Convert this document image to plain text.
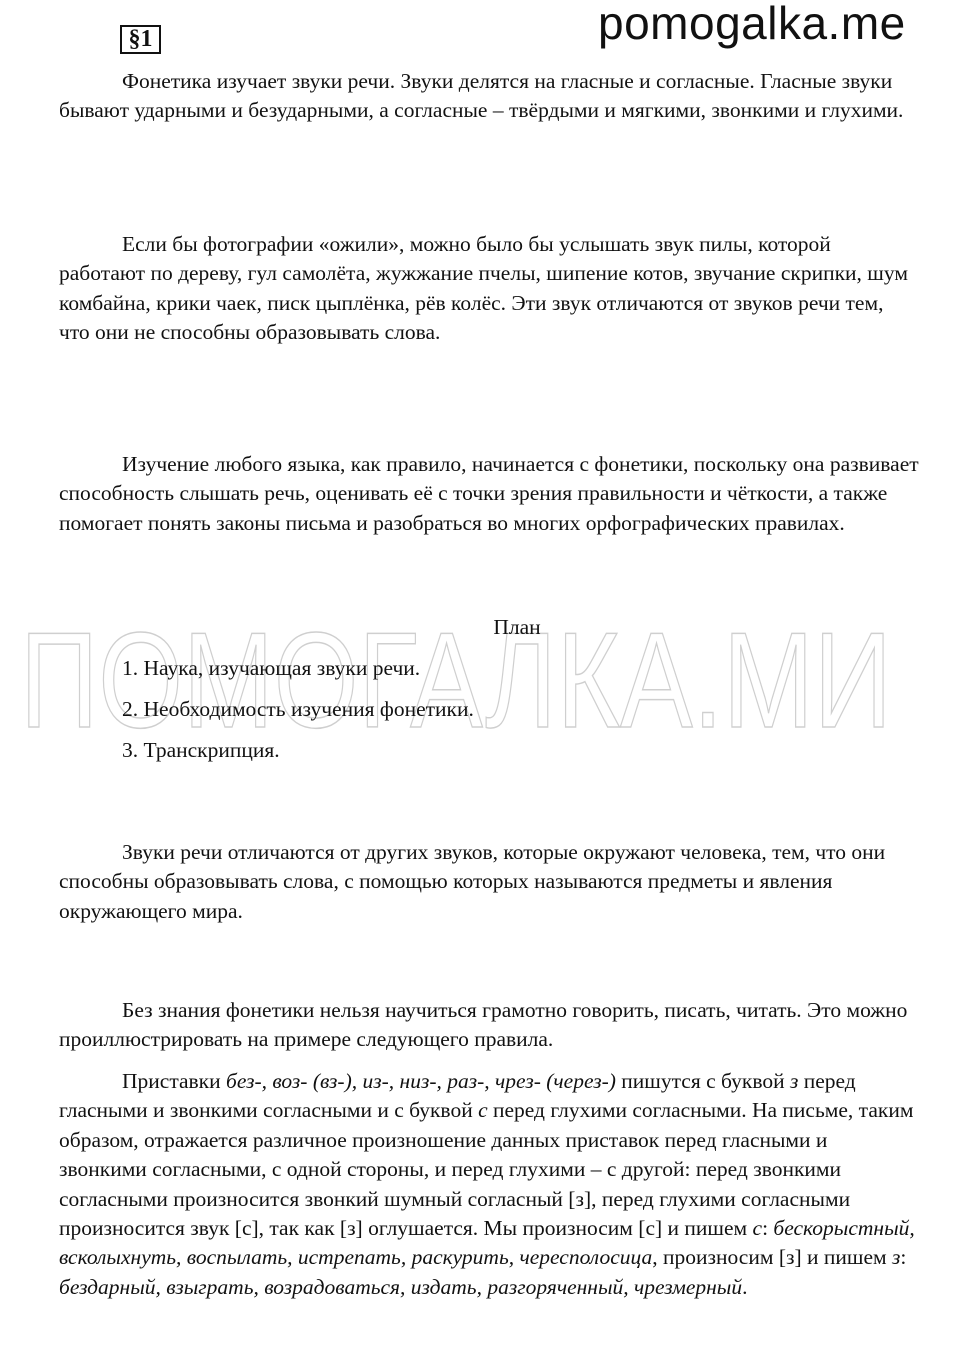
§1	pomogalka.me
ПОМОГАЛКА.МИ

Фонетика изучает звуки речи. Звуки делятся на гласные и согласные. Гласные звуки бывают ударными и безударными, а согласные – твёрдыми и мягкими, звонкими и глухими.

Если бы фотографии «ожили», можно было бы услышать звук пилы, которой работают по дереву, гул самолёта, жужжание пчелы, шипение котов, звучание скрипки, шум комбайна, крики чаек, писк цыплёнка, рёв колёс. Эти звук отличаются от звуков речи тем, что они не способны образовывать слова.

Изучение любого языка, как правило, начинается с фонетики, поскольку она развивает способность слышать речь, оценивать её с точки зрения правильности и чёткости, а также помогает понять законы письма и разобраться во многих орфографических правилах.

План
1. Наука, изучающая звуки речи.
2. Необходимость изучения фонетики.
3. Транскрипция.

Звуки речи отличаются от других звуков, которые окружают человека, тем, что они способны образовывать слова, с помощью которых называются предметы и явления окружающего мира.

Без знания фонетики нельзя научиться грамотно говорить, писать, читать. Это можно проиллюстрировать на примере следующего правила.

Приставки без-, воз- (вз-), из-, низ-, раз-, чрез- (через-) пишутся с буквой з перед гласными и звонкими согласными и с буквой с перед глухими согласными. На письме, таким образом, отражается различное произношение данных приставок перед гласными и звонкими согласными, с одной стороны, и перед глухими – с другой: перед звонкими согласными произносится звонкий шумный согласный [з], перед глухими согласными произносится звук [с], так как [з] оглушается. Мы произносим [с] и пишем с: бескорыстный, всколыхнуть, воспылать, истрепать, раскурить, чересполосица, произносим [з] и пишем з: бездарный, взыграть, возрадоваться, издать, разгоряченный, чрезмерный.
